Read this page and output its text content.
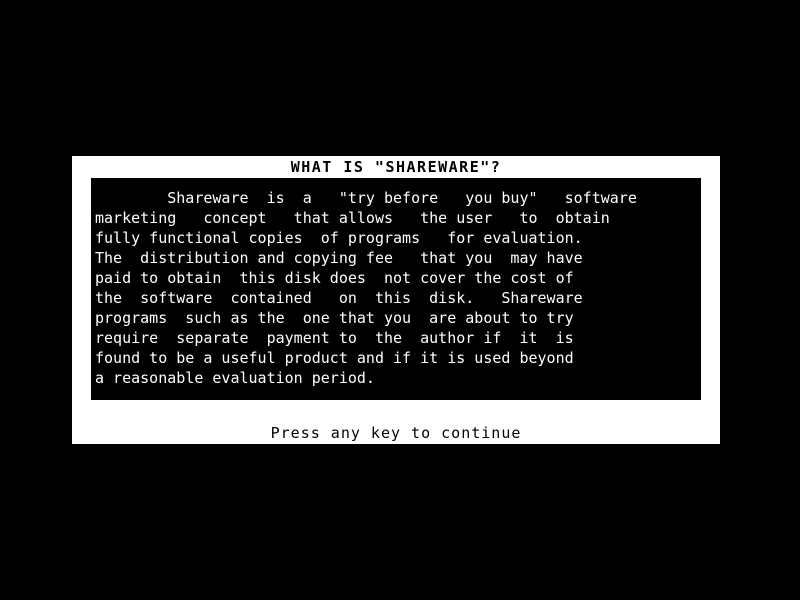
WHAT IS "SHAREWARE"?
Shareware  is  a   "try before   you buy"   software
marketing   concept   that allows   the user   to  obtain
fully functional copies  of programs   for evaluation.
The  distribution and copying fee   that you  may have
paid to obtain  this disk does  not cover the cost of
the  software  contained   on  this  disk.   Shareware
programs  such as the  one that you  are about to try
require  separate  payment to  the  author if  it  is
found to be a useful product and if it is used beyond
a reasonable evaluation period.
Press any key to continue
